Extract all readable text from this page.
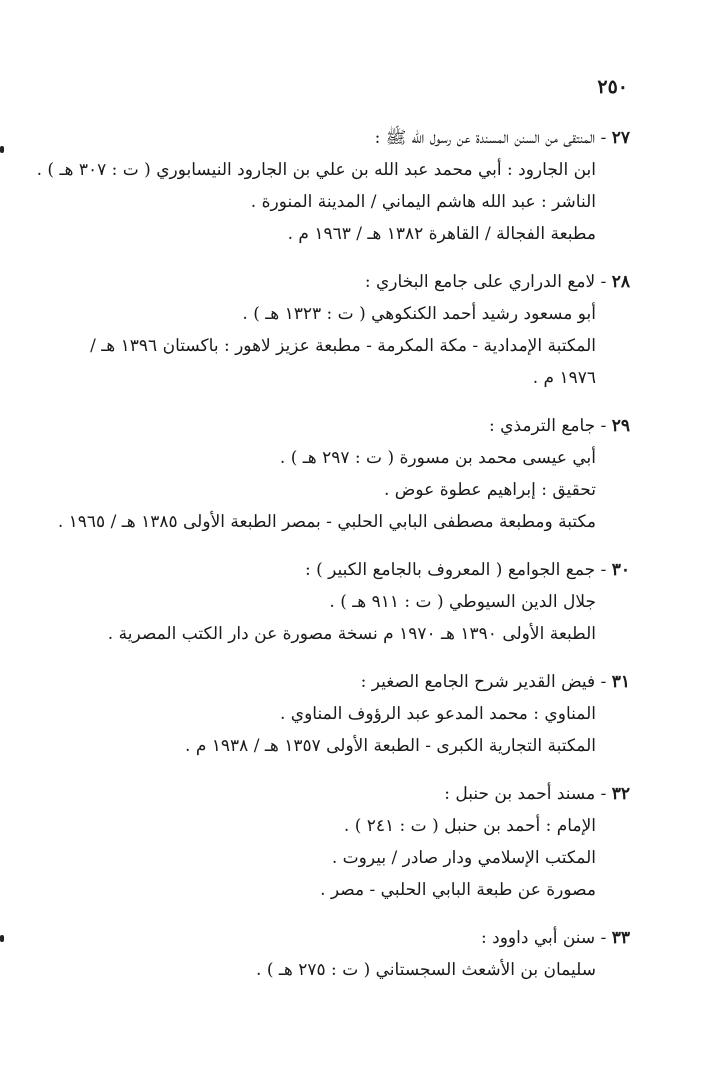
٢٥٠
٢٧ - المنتقى من السنن المسندة عن رسول الله ﷺ :
ابن الجارود : أبي محمد عبد الله بن علي بن الجارود النيسابوري ( ت : ٣٠٧ هـ ) .
الناشر : عبد الله هاشم اليماني / المدينة المنورة .
مطبعة الفجالة / القاهرة ١٣٨٢ هـ / ١٩٦٣ م .
٢٨ - لامع الدراري على جامع البخاري :
أبو مسعود رشيد أحمد الكنكوهي ( ت : ١٣٢٣ هـ ) .
المكتبة الإمدادية - مكة المكرمة - مطبعة عزيز لاهور : باكستان ١٣٩٦ هـ / ١٩٧٦ م .
٢٩ - جامع الترمذي :
أبي عيسى محمد بن مسورة ( ت : ٢٩٧ هـ ) .
تحقيق : إبراهيم عطوة عوض .
مكتبة ومطبعة مصطفى البابي الحلبي - بمصر الطبعة الأولى ١٣٨٥ هـ / ١٩٦٥ .
٣٠ - جمع الجوامع ( المعروف بالجامع الكبير ) :
جلال الدين السيوطي ( ت : ٩١١ هـ ) .
الطبعة الأولى ١٣٩٠ هـ ١٩٧٠ م نسخة مصورة عن دار الكتب المصرية .
٣١ - فيض القدير شرح الجامع الصغير :
المناوي : محمد المدعو عبد الرؤوف المناوي .
المكتبة التجارية الكبرى - الطبعة الأولى ١٣٥٧ هـ / ١٩٣٨ م .
٣٢ - مسند أحمد بن حنبل :
الإمام : أحمد بن حنبل ( ت : ٢٤١ ) .
المكتب الإسلامي ودار صادر / بيروت .
مصورة عن طبعة البابي الحلبي - مصر .
٣٣ - سنن أبي داوود :
سليمان بن الأشعث السجستاني ( ت : ٢٧٥ هـ ) .
